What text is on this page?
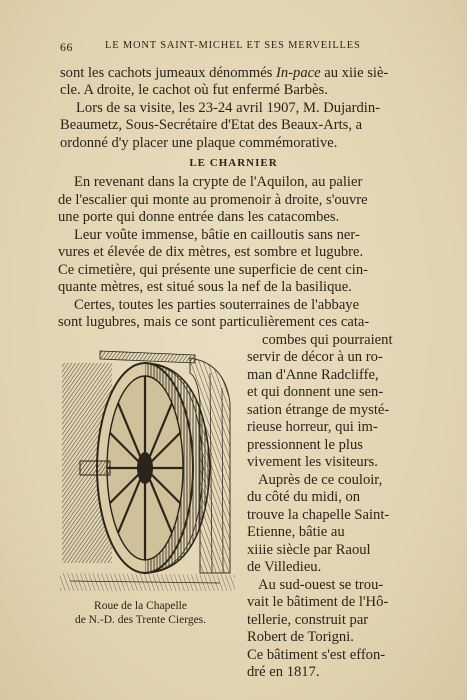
66	LE MONT SAINT-MICHEL ET SES MERVEILLES
sont les cachots jumeaux dénommés In-pace au xiie siè-
cle. A droite, le cachot où fut enfermé Barbès.
Lors de sa visite, les 23-24 avril 1907, M. Dujardin-
Beaumetz, Sous-Secrétaire d'Etat des Beaux-Arts, a
ordonné d'y placer une plaque commémorative.
LE CHARNIER
En revenant dans la crypte de l'Aquilon, au palier
de l'escalier qui monte au promenoir à droite, s'ouvre
une porte qui donne entrée dans les catacombes.
Leur voûte immense, bâtie en cailloutis sans ner-
vures et élevée de dix mètres, est sombre et lugubre.
Ce cimetière, qui présente une superficie de cent cin-
quante mètres, est situé sous la nef de la basilique.
Certes, toutes les parties souterraines de l'abbaye
sont lugubres, mais ce sont particulièrement ces cata-
combes qui pourraient
servir de décor à un ro-
man d'Anne Radcliffe,
et qui donnent une sen-
sation étrange de mysté-
rieuse horreur, qui im-
pressionnent le plus
vivement les visiteurs.
Auprès de ce couloir,
du côté du midi, on
trouve la chapelle Saint-
Etienne, bâtie au
xiiie siècle par Raoul
de Villedieu.
Au sud-ouest se trou-
vait le bâtiment de l'Hô-
tellerie, construit par
Robert de Torigni.
Ce bâtiment s'est effon-
dré en 1817.
Roue de la Chapelle
de N.-D. des Trente Cierges.
